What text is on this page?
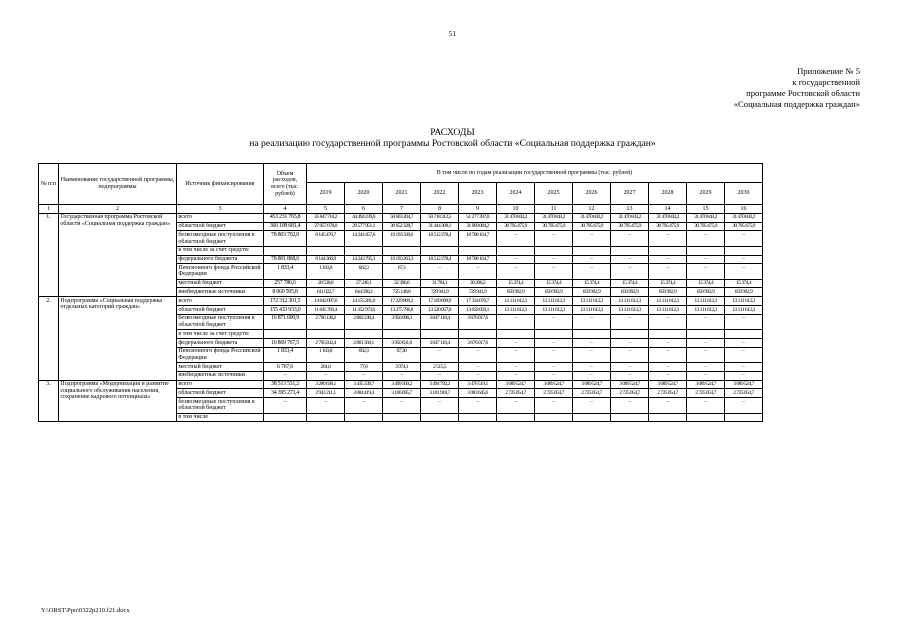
51
Приложение № 5
к государственной
программе Ростовской области
«Социальная поддержка граждан»
РАСХОДЫ
на реализацию государственной программы Ростовской области «Социальная поддержка граждан»
№ п/п	Наименование государственной программы, подпрограммы	Источник финансирования	Объем расходов, всего (тыс. рублей)	В том числе по годам реализации государственной программы (тыс. рублей)											
				2019	2020	2021	2022	2023	2024	2025	2026	2027	2028	2029	2030
1	2	3	4	5	6	7	8	9	10	11	12	13	14	15	16
1.	Государственная программа Ростовской области «Социальная поддержка граждан»	всего	453 231 765,8	35 847 710,2	44 494 239,0	50 603 204,7	50 718 312,5	51 277 397,0	31 470 843,2	31 470 843,2	31 470 843,2	31 470 843,2	31 470 843,2	31 470 843,2	31 470 843,2
		областной бюджет	366 109 681,4	27 057 678,0	29 577 951,1	30 652 328,7	31 444 308,1	31 809 084,2	30 795 475,9	30 795 475,9	30 795 475,9	30 795 475,9	30 795 475,9	30 795 475,9	30 795 475,9
		безвозмездные поступления в областной бюджет	78 803 702,0	8 145 470,7	14 244 457,6	19 193 330,6	18 512 278,4	18 708 164,7	–	–	–	–	–	–	–
		в том числе за счет средств:													
		федерального бюджета	78 801 868,6	8 144 366,9	14 243 795,3	19 193 263,3	18 512 278,4	18 708 164,7	–	–	–	–	–	–	–
		Пенсионного фонда Российской Федерации	1 833,4	1 103,8	662,3	67,3	–	–	–	–	–	–	–	–	–
		местный бюджет	257 786,6	28 538,8	27 240,1	32 396,6	31 784,1	30 206,2	15 374,4	15 374,4	15 374,4	15 374,4	15 374,4	15 374,4	15 374,4
		внебюджетные источники	8 060 595,8	611 022,7	644 590,2	725 148,8	729 941,9	729 941,9	659 992,9	659 992,9	659 992,9	659 992,9	659 992,9	659 992,9	659 992,9
2.	Подпрограмма «Социальная поддержка отдельных категорий граждан»	всего	172 312 301,5	14 642 097,6	14 155 281,0	17 229 869,2	17 169 699,9	17 334 076,7	13 111 612,3	13 111 612,3	13 111 612,3	13 111 612,3	13 111 612,3	13 111 612,3	13 111 612,3
		областной бюджет	155 433 933,0	11 845 760,4	11 352 973,6	13 275 796,8	13 520 057,0	13 658 059,1	13 111 612,3	13 111 612,3	13 111 612,3	13 111 612,3	13 111 612,3	13 111 612,3	13 111 612,3
		безвозмездные поступления в областной бюджет	16 871 600,9	2 796 136,2	2 802 230,4	3 950 098,3	3 647 118,4	3 676 017,6	–	–	–	–	–	–	–
		в том числе за счет средств:													
		федерального бюджета	16 869 767,5	2 795 032,4	2 801 568,1	3 950 031,0	3 647 118,4	3 676 017,6	–	–	–	–	–	–	–
		Пенсионного фонда Российской Федерации	1 833,4	1 103,8	662,3	67,30	–	–	–	–	–	–	–	–	–
		местный бюджет	6 767,6	201,0	77,0	3 974,1	2 515,5	–	–	–	–	–	–	–	–
		внебюджетные источники	–	–	–	–	–	–	–	–	–	–	–	–	–
3.	Подпрограмма «Модернизация и развитие социального обслуживания населения, сохранение кадрового потенциала»	всего	38 513 531,2	3 280 638,1	3 435 339,7	3 499 569,2	3 494 792,2	3 476 519,1	3 089 524,7	3 089 524,7	3 089 524,7	3 089 524,7	3 089 524,7	3 089 524,7	3 089 524,7
		областной бюджет	34 395 273,4	2 943 211,1	3 084 419,4	3 106 695,7	3 101 918,7	3 083 645,6	2 725 054,7	2 725 054,7	2 725 054,7	2 725 054,7	2 725 054,7	2 725 054,7	2 725 054,7
		безвозмездные поступления в областной бюджет	–	–	–	–	–	–	–	–	–	–	–	–	–
		в том числе													
Y:\ORST\Ppo\0322p210.f21.docx
